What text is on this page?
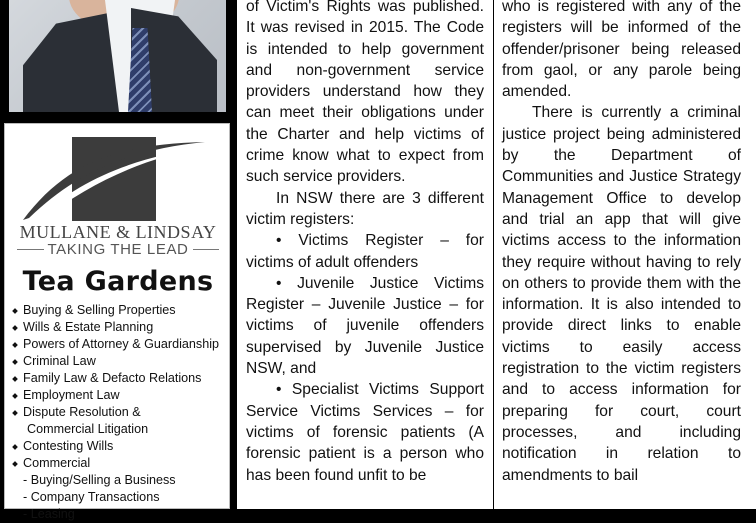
MULLANE & LINDSAY
TAKING THE LEAD
Tea Gardens
Buying & Selling Properties
Wills & Estate Planning
Powers of Attorney & Guardianship
Criminal Law
Family Law & Defacto Relations
Employment Law
Dispute Resolution &
Commercial Litigation
Contesting Wills
Commercial
- Buying/Selling a Business
- Company Transactions
- Leasing

of Victim's Rights was published. It was revised in 2015. The Code is intended to help government and non-government service providers understand how they can meet their obligations under the Charter and help victims of crime know what to expect from such service providers.

In NSW there are 3 different victim registers:

• Victims Register – for victims of adult offenders

• Juvenile Justice Victims Register – Juvenile Justice – for victims of juvenile offenders supervised by Juvenile Justice NSW, and

• Specialist Victims Support Service Victims Services – for victims of forensic patients (A forensic patient is a person who has been found unfit to be

who is registered with any of the registers will be informed of the offender/prisoner being released from gaol, or any parole being amended.

There is currently a criminal justice project being administered by the Department of Communities and Justice Strategy Management Office to develop and trial an app that will give victims access to the information they require without having to rely on others to provide them with the information. It is also intended to provide direct links to enable victims to easily access registration to the victim registers and to access information for preparing for court, court processes, and including notification in relation to amendments to bail
